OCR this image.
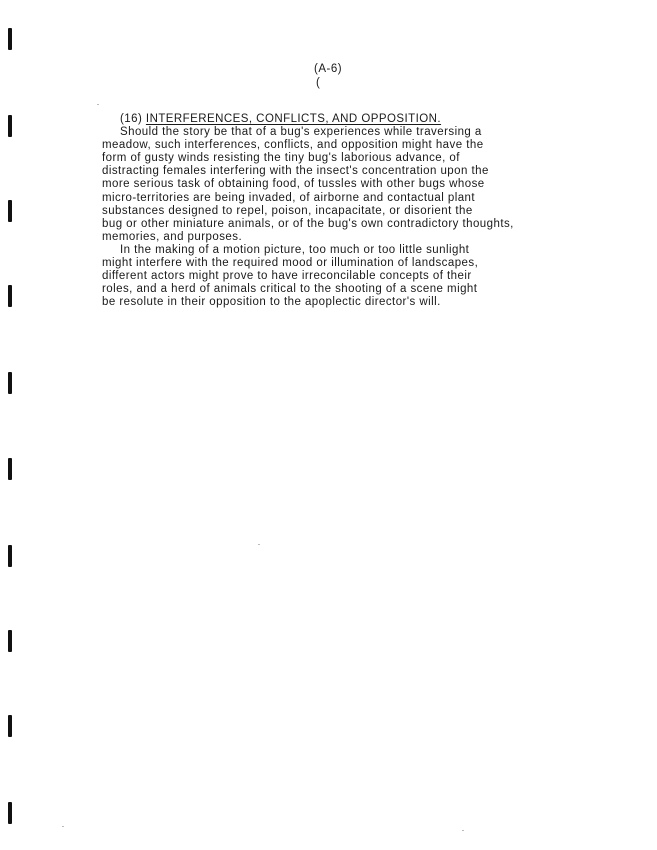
(A-6)
(
(16) INTERFERENCES, CONFLICTS, AND OPPOSITION.
Should the story be that of a bug's experiences while traversing a
meadow, such interferences, conflicts, and opposition might have the
form of gusty winds resisting the tiny bug's laborious advance, of
distracting females interfering with the insect's concentration upon the
more serious task of obtaining food, of tussles with other bugs whose
micro-territories are being invaded, of airborne and contactual plant
substances designed to repel, poison, incapacitate, or disorient the
bug or other miniature animals, or of the bug's own contradictory thoughts,
memories, and purposes.
In the making of a motion picture, too much or too little sunlight
might interfere with the required mood or illumination of landscapes,
different actors might prove to have irreconcilable concepts of their
roles, and a herd of animals critical to the shooting of a scene might
be resolute in their opposition to the apoplectic director's will.
